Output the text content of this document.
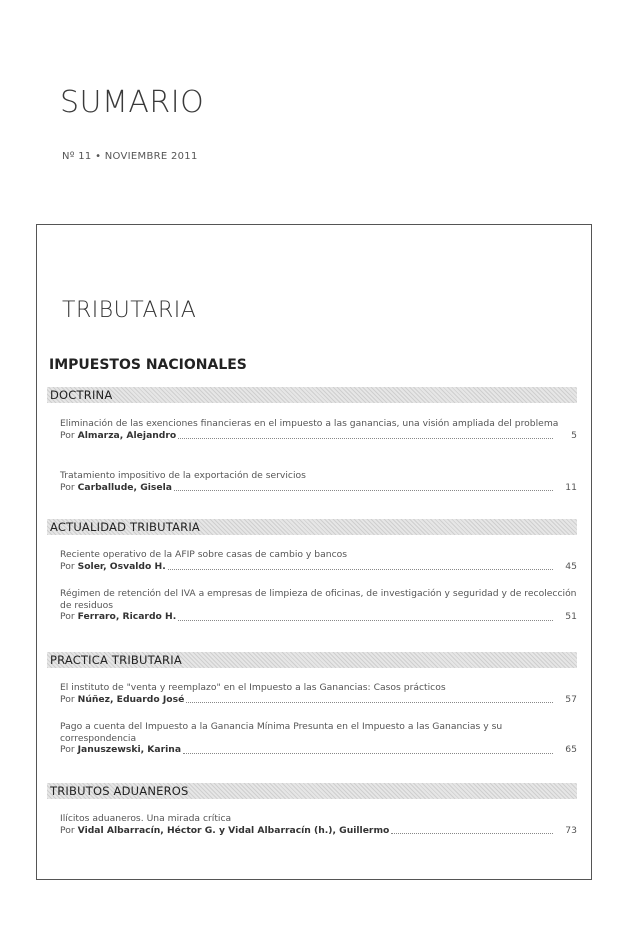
SUMARIO
Nº 11 • NOVIEMBRE 2011
TRIBUTARIA
IMPUESTOS NACIONALES
DOCTRINA
Eliminación de las exenciones financieras en el impuesto a las ganancias, una visión ampliada del problema
Por Almarza, Alejandro	5
Tratamiento impositivo de la exportación de servicios
Por Carballude, Gisela	11
ACTUALIDAD TRIBUTARIA
Reciente operativo de la AFIP sobre casas de cambio y bancos
Por Soler, Osvaldo H.	45
Régimen de retención del IVA a empresas de limpieza de oficinas, de investigación y seguridad y de recolección de residuos
Por Ferraro, Ricardo H.	51
PRACTICA TRIBUTARIA
El instituto de "venta y reemplazo" en el Impuesto a las Ganancias: Casos prácticos
Por Núñez, Eduardo José	57
Pago a cuenta del Impuesto a la Ganancia Mínima Presunta en el Impuesto a las Ganancias y su correspondencia
Por Januszewski, Karina	65
TRIBUTOS ADUANEROS
Ilícitos aduaneros. Una mirada crítica
Por Vidal Albarracín, Héctor G. y Vidal Albarracín (h.), Guillermo	73
